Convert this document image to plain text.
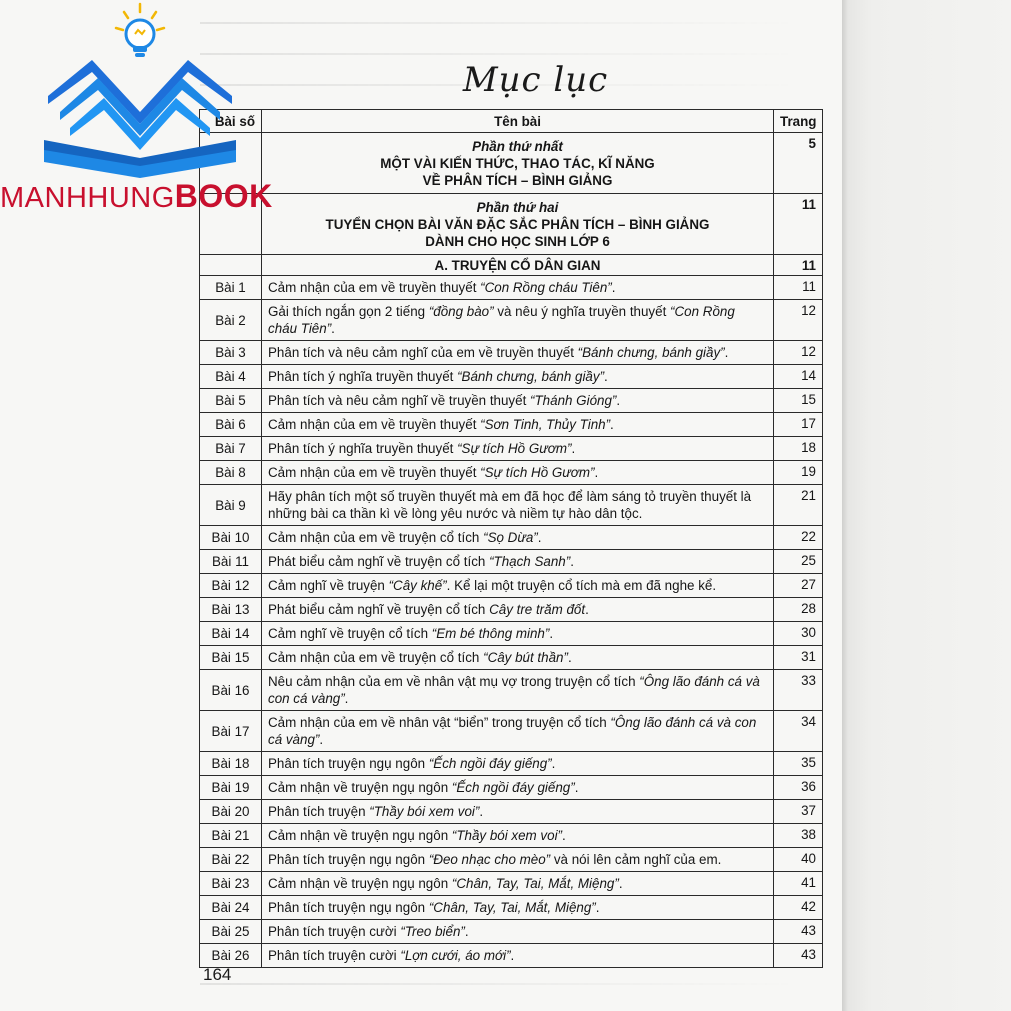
Mục lục
Bài số	Tên bài	Trang

	Phần thứ nhất
MỘT VÀI KIẾN THỨC, THAO TÁC, KĨ NĂNG
VỀ PHÂN TÍCH – BÌNH GIẢNG	5

	Phần thứ hai
TUYỂN CHỌN BÀI VĂN ĐẶC SẮC PHÂN TÍCH – BÌNH GIẢNG
DÀNH CHO HỌC SINH LỚP 6	11
	A. TRUYỆN CỔ DÂN GIAN	11
Bài 1	Cảm nhận của em về truyền thuyết “Con Rồng cháu Tiên”.	11
Bài 2	Gải thích ngắn gọn 2 tiếng “đồng bào” và nêu ý nghĩa truyền thuyết “Con Rồng cháu Tiên”.	12
Bài 3	Phân tích và nêu cảm nghĩ của em về truyền thuyết “Bánh chưng, bánh giầy”.	12
Bài 4	Phân tích ý nghĩa truyền thuyết “Bánh chưng, bánh giầy”.	14
Bài 5	Phân tích và nêu cảm nghĩ về truyền thuyết “Thánh Gióng”.	15
Bài 6	Cảm nhận của em về truyền thuyết “Sơn Tinh, Thủy Tinh”.	17
Bài 7	Phân tích ý nghĩa truyền thuyết “Sự tích Hồ Gươm”.	18
Bài 8	Cảm nhận của em về truyền thuyết “Sự tích Hồ Gươm”.	19
Bài 9	Hãy phân tích một số truyền thuyết mà em đã học để làm sáng tỏ truyền thuyết là những bài ca thần kì về lòng yêu nước và niềm tự hào dân tộc.	21
Bài 10	Cảm nhận của em về truyện cổ tích “Sọ Dừa”.	22
Bài 11	Phát biểu cảm nghĩ về truyện cổ tích “Thạch Sanh”.	25
Bài 12	Cảm nghĩ về truyện “Cây khế”. Kể lại một truyện cổ tích mà em đã nghe kể.	27
Bài 13	Phát biểu cảm nghĩ về truyện cổ tích Cây tre trăm đốt.	28
Bài 14	Cảm nghĩ về truyện cổ tích “Em bé thông minh”.	30
Bài 15	Cảm nhận của em về truyện cổ tích “Cây bút thần”.	31
Bài 16	Nêu cảm nhận của em về nhân vật mụ vợ trong truyện cổ tích “Ông lão đánh cá và con cá vàng”.	33
Bài 17	Cảm nhận của em về nhân vật “biển” trong truyện cổ tích “Ông lão đánh cá và con cá vàng”.	34
Bài 18	Phân tích truyện ngụ ngôn “Ếch ngồi đáy giếng”.	35
Bài 19	Cảm nhận về truyện ngụ ngôn “Ếch ngồi đáy giếng”.	36
Bài 20	Phân tích truyện “Thầy bói xem voi”.	37
Bài 21	Cảm nhận về truyện ngụ ngôn “Thầy bói xem voi”.	38
Bài 22	Phân tích truyện ngụ ngôn “Đeo nhạc cho mèo” và nói lên cảm nghĩ của em.	40
Bài 23	Cảm nhận về truyện ngụ ngôn “Chân, Tay, Tai, Mắt, Miệng”.	41
Bài 24	Phân tích truyện ngụ ngôn “Chân, Tay, Tai, Mắt, Miệng”.	42
Bài 25	Phân tích truyện cười “Treo biển”.	43
Bài 26	Phân tích truyện cười “Lợn cưới, áo mới”.	43
164
MANHHUNGBOOK
